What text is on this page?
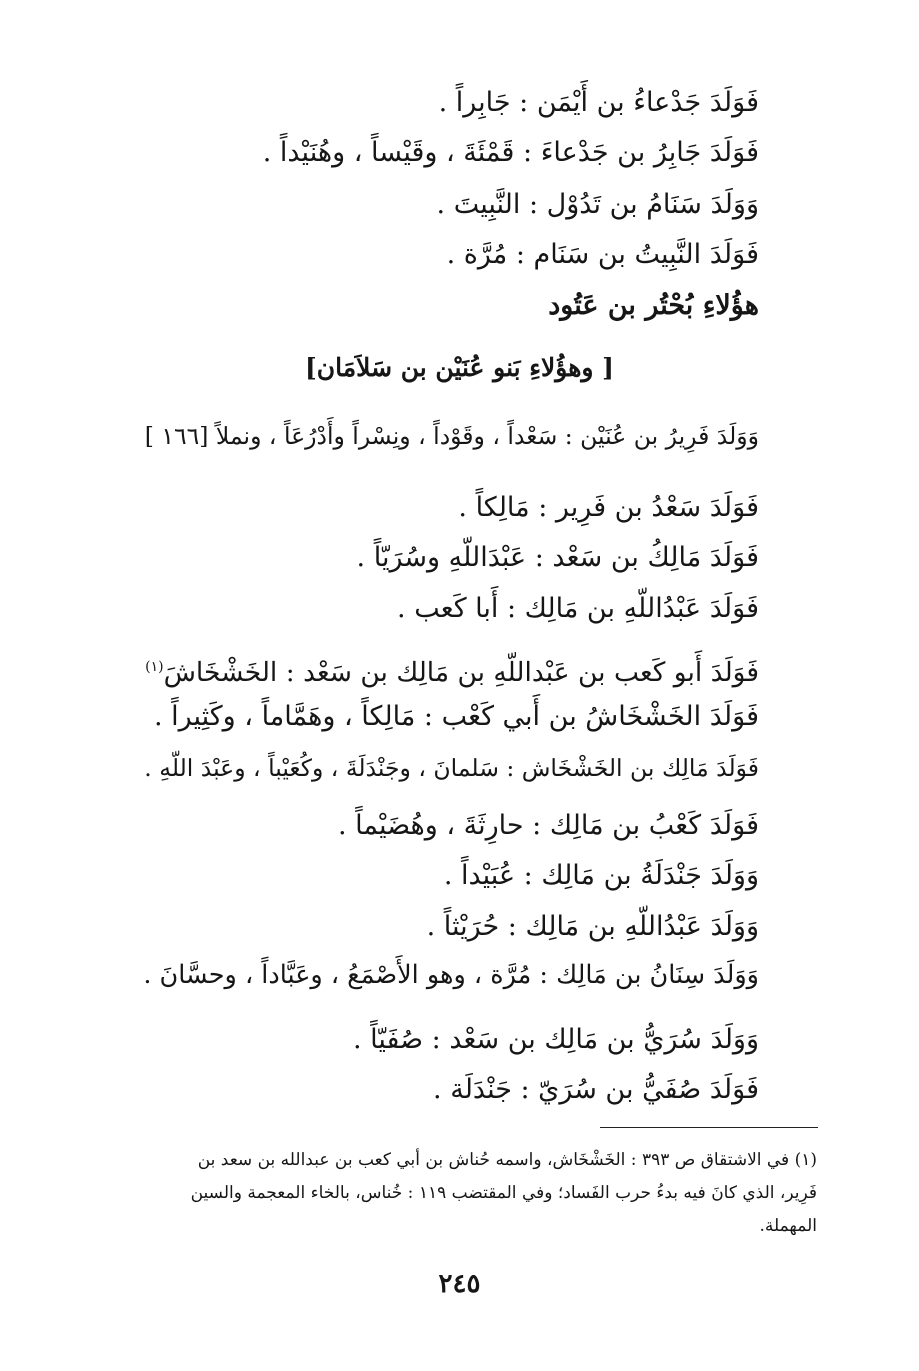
فَوَلَدَ جَدْعاءُ بن أَيْمَن : جَابِراً .
فَوَلَدَ جَابِرُ بن جَدْعاءَ : قَمْئَةَ ، وقَيْساً ، وهُنَيْداً .
وَوَلَدَ سَنَامُ بن تَدُوْل : النَّبِيتَ .
فَوَلَدَ النَّبِيتُ بن سَنَام : مُرَّة .
هؤُلاءِ بُحْتُر بن عَتُود
[ وهؤُلاءِ بَنو عُنَيْن بن سَلاَمَان]
وَوَلَدَ فَرِيرُ بن عُنَيْن : سَعْداً ، وقَوْداً ، ونِسْراً وأَدْرُعَاً ، ونملاً [١٦٦ ]
فَوَلَدَ سَعْدُ بن فَرِير : مَالِكاً .
فَوَلَدَ مَالِكُ بن سَعْد : عَبْدَاللّهِ وسُرَيّاً .
فَوَلَدَ عَبْدُاللّهِ بن مَالِك : أَبا كَعب .
فَوَلَدَ أَبو كَعب بن عَبْداللّهِ بن مَالِك بن سَعْد : الخَشْخَاشَ$^{(١)}$
فَوَلَدَ الخَشْخَاشُ بن أَبي كَعْب : مَالِكاً ، وهَمَّاماً ، وكَثِيراً .
فَوَلَدَ مَالِك بن الخَشْخَاش : سَلمانَ ، وجَنْدَلَةَ ، وكُعَيْباً ، وعَبْدَ اللّهِ .
فَوَلَدَ كَعْبُ بن مَالِك : حارِثَةَ ، وهُضَيْماً .
وَوَلَدَ جَنْدَلَةُ بن مَالِك : عُبَيْداً .
وَوَلَدَ عَبْدُاللّهِ بن مَالِك : حُرَيْثاً .
وَوَلَدَ سِنَانُ بن مَالِك : مُرَّة ، وهو الأَصْمَعُ ، وعَبَّاداً ، وحسَّانَ .
وَوَلَدَ سُرَيُّ بن مَالِك بن سَعْد : صُفَيّاً .
فَوَلَدَ صُفَيُّ بن سُرَيّ : جَنْدَلَة .
(١) في الاشتقاق ص ٣٩٣ : الخَشْخَاش، واسمه حُناش بن أبي كعب بن عبدالله بن سعد بن
فَرِير، الذي كانَ فيه بدءُ حرب الفَساد؛ وفي المقتضب ١١٩ : خُناس، بالخاء المعجمة والسين
المهملة.
٢٤٥
